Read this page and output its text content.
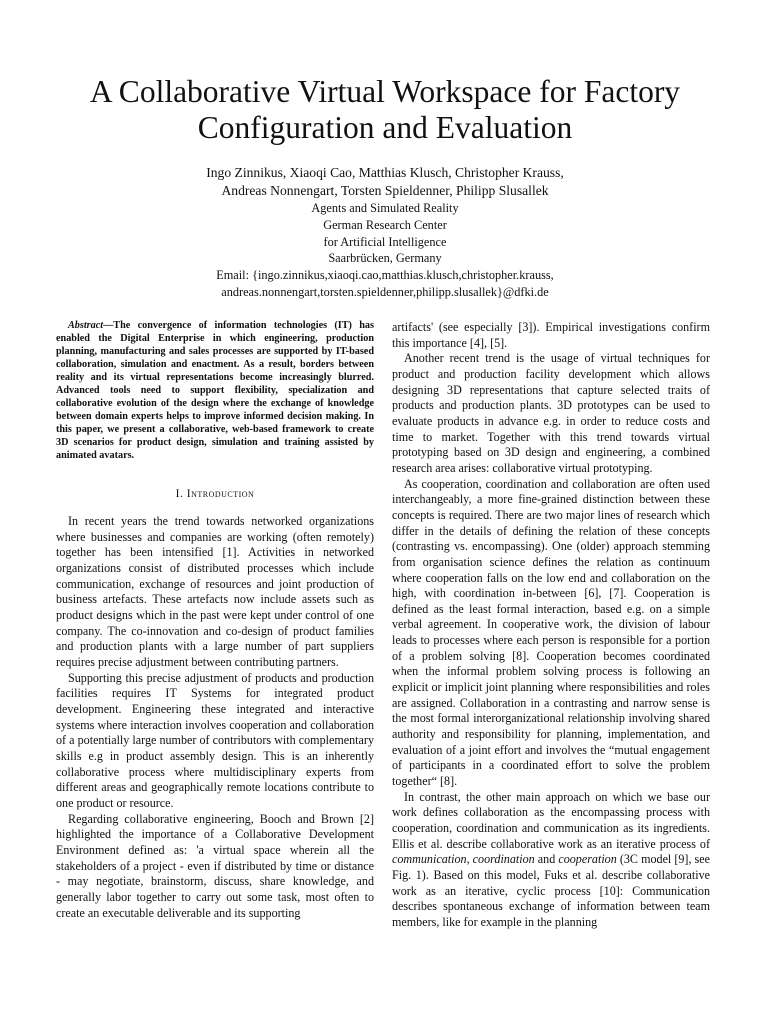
A Collaborative Virtual Workspace for Factory Configuration and Evaluation
Ingo Zinnikus, Xiaoqi Cao, Matthias Klusch, Christopher Krauss,
Andreas Nonnengart, Torsten Spieldenner, Philipp Slusallek
Agents and Simulated Reality
German Research Center
for Artificial Intelligence
Saarbrücken, Germany
Email: {ingo.zinnikus,xiaoqi.cao,matthias.klusch,christopher.krauss,
andreas.nonnengart,torsten.spieldenner,philipp.slusallek}@dfki.de

Abstract—The convergence of information technologies (IT) has enabled the Digital Enterprise in which engineering, production planning, manufacturing and sales processes are supported by IT-based collaboration, simulation and enactment. As a result, borders between reality and its virtual representations become increasingly blurred. Advanced tools need to support flexibility, specialization and collaborative evolution of the design where the exchange of knowledge between domain experts helps to improve informed decision making. In this paper, we present a collaborative, web-based framework to create 3D scenarios for product design, simulation and training assisted by animated avatars.

I. Introduction

In recent years the trend towards networked organizations where businesses and companies are working (often remotely) together has been intensified [1]. Activities in networked organizations consist of distributed processes which include communication, exchange of resources and joint production of business artefacts. These artefacts now include assets such as product designs which in the past were kept under control of one company. The co-innovation and co-design of product families and production plants with a large number of part suppliers requires precise adjustment between contributing partners.

Supporting this precise adjustment of products and production facilities requires IT Systems for integrated product development. Engineering these integrated and interactive systems where interaction involves cooperation and collaboration of a potentially large number of contributors with complementary skills e.g in product assembly design. This is an inherently collaborative process where multidisciplinary experts from different areas and geographically remote locations contribute to one product or resource.

Regarding collaborative engineering, Booch and Brown [2] highlighted the importance of a Collaborative Development Environment defined as: 'a virtual space wherein all the stakeholders of a project - even if distributed by time or distance - may negotiate, brainstorm, discuss, share knowledge, and generally labor together to carry out some task, most often to create an executable deliverable and its supporting

artifacts' (see especially [3]). Empirical investigations confirm this importance [4], [5].

Another recent trend is the usage of virtual techniques for product and production facility development which allows designing 3D representations that capture selected traits of products and production plants. 3D prototypes can be used to evaluate products in advance e.g. in order to reduce costs and time to market. Together with this trend towards virtual prototyping based on 3D design and engineering, a combined research area arises: collaborative virtual prototyping.

As cooperation, coordination and collaboration are often used interchangeably, a more fine-grained distinction between these concepts is required. There are two major lines of research which differ in the details of defining the relation of these concepts (contrasting vs. encompassing). One (older) approach stemming from organisation science defines the relation as continuum where cooperation falls on the low end and collaboration on the high, with coordination in-between [6], [7]. Cooperation is defined as the least formal interaction, based e.g. on a simple verbal agreement. In cooperative work, the division of labour leads to processes where each person is responsible for a portion of a problem solving [8]. Cooperation becomes coordinated when the informal problem solving process is following an explicit or implicit joint planning where responsibilities and roles are assigned. Collaboration in a contrasting and narrow sense is the most formal interorganizational relationship involving shared authority and responsibility for planning, implementation, and evaluation of a joint effort and involves the “mutual engagement of participants in a coordinated effort to solve the problem together“ [8].

In contrast, the other main approach on which we base our work defines collaboration as the encompassing process with cooperation, coordination and communication as its ingredients. Ellis et al. describe collaborative work as an iterative process of communication, coordination and cooperation (3C model [9], see Fig. 1). Based on this model, Fuks et al. describe collaborative work as an iterative, cyclic process [10]: Communication describes spontaneous exchange of information between team members, like for example in the planning
